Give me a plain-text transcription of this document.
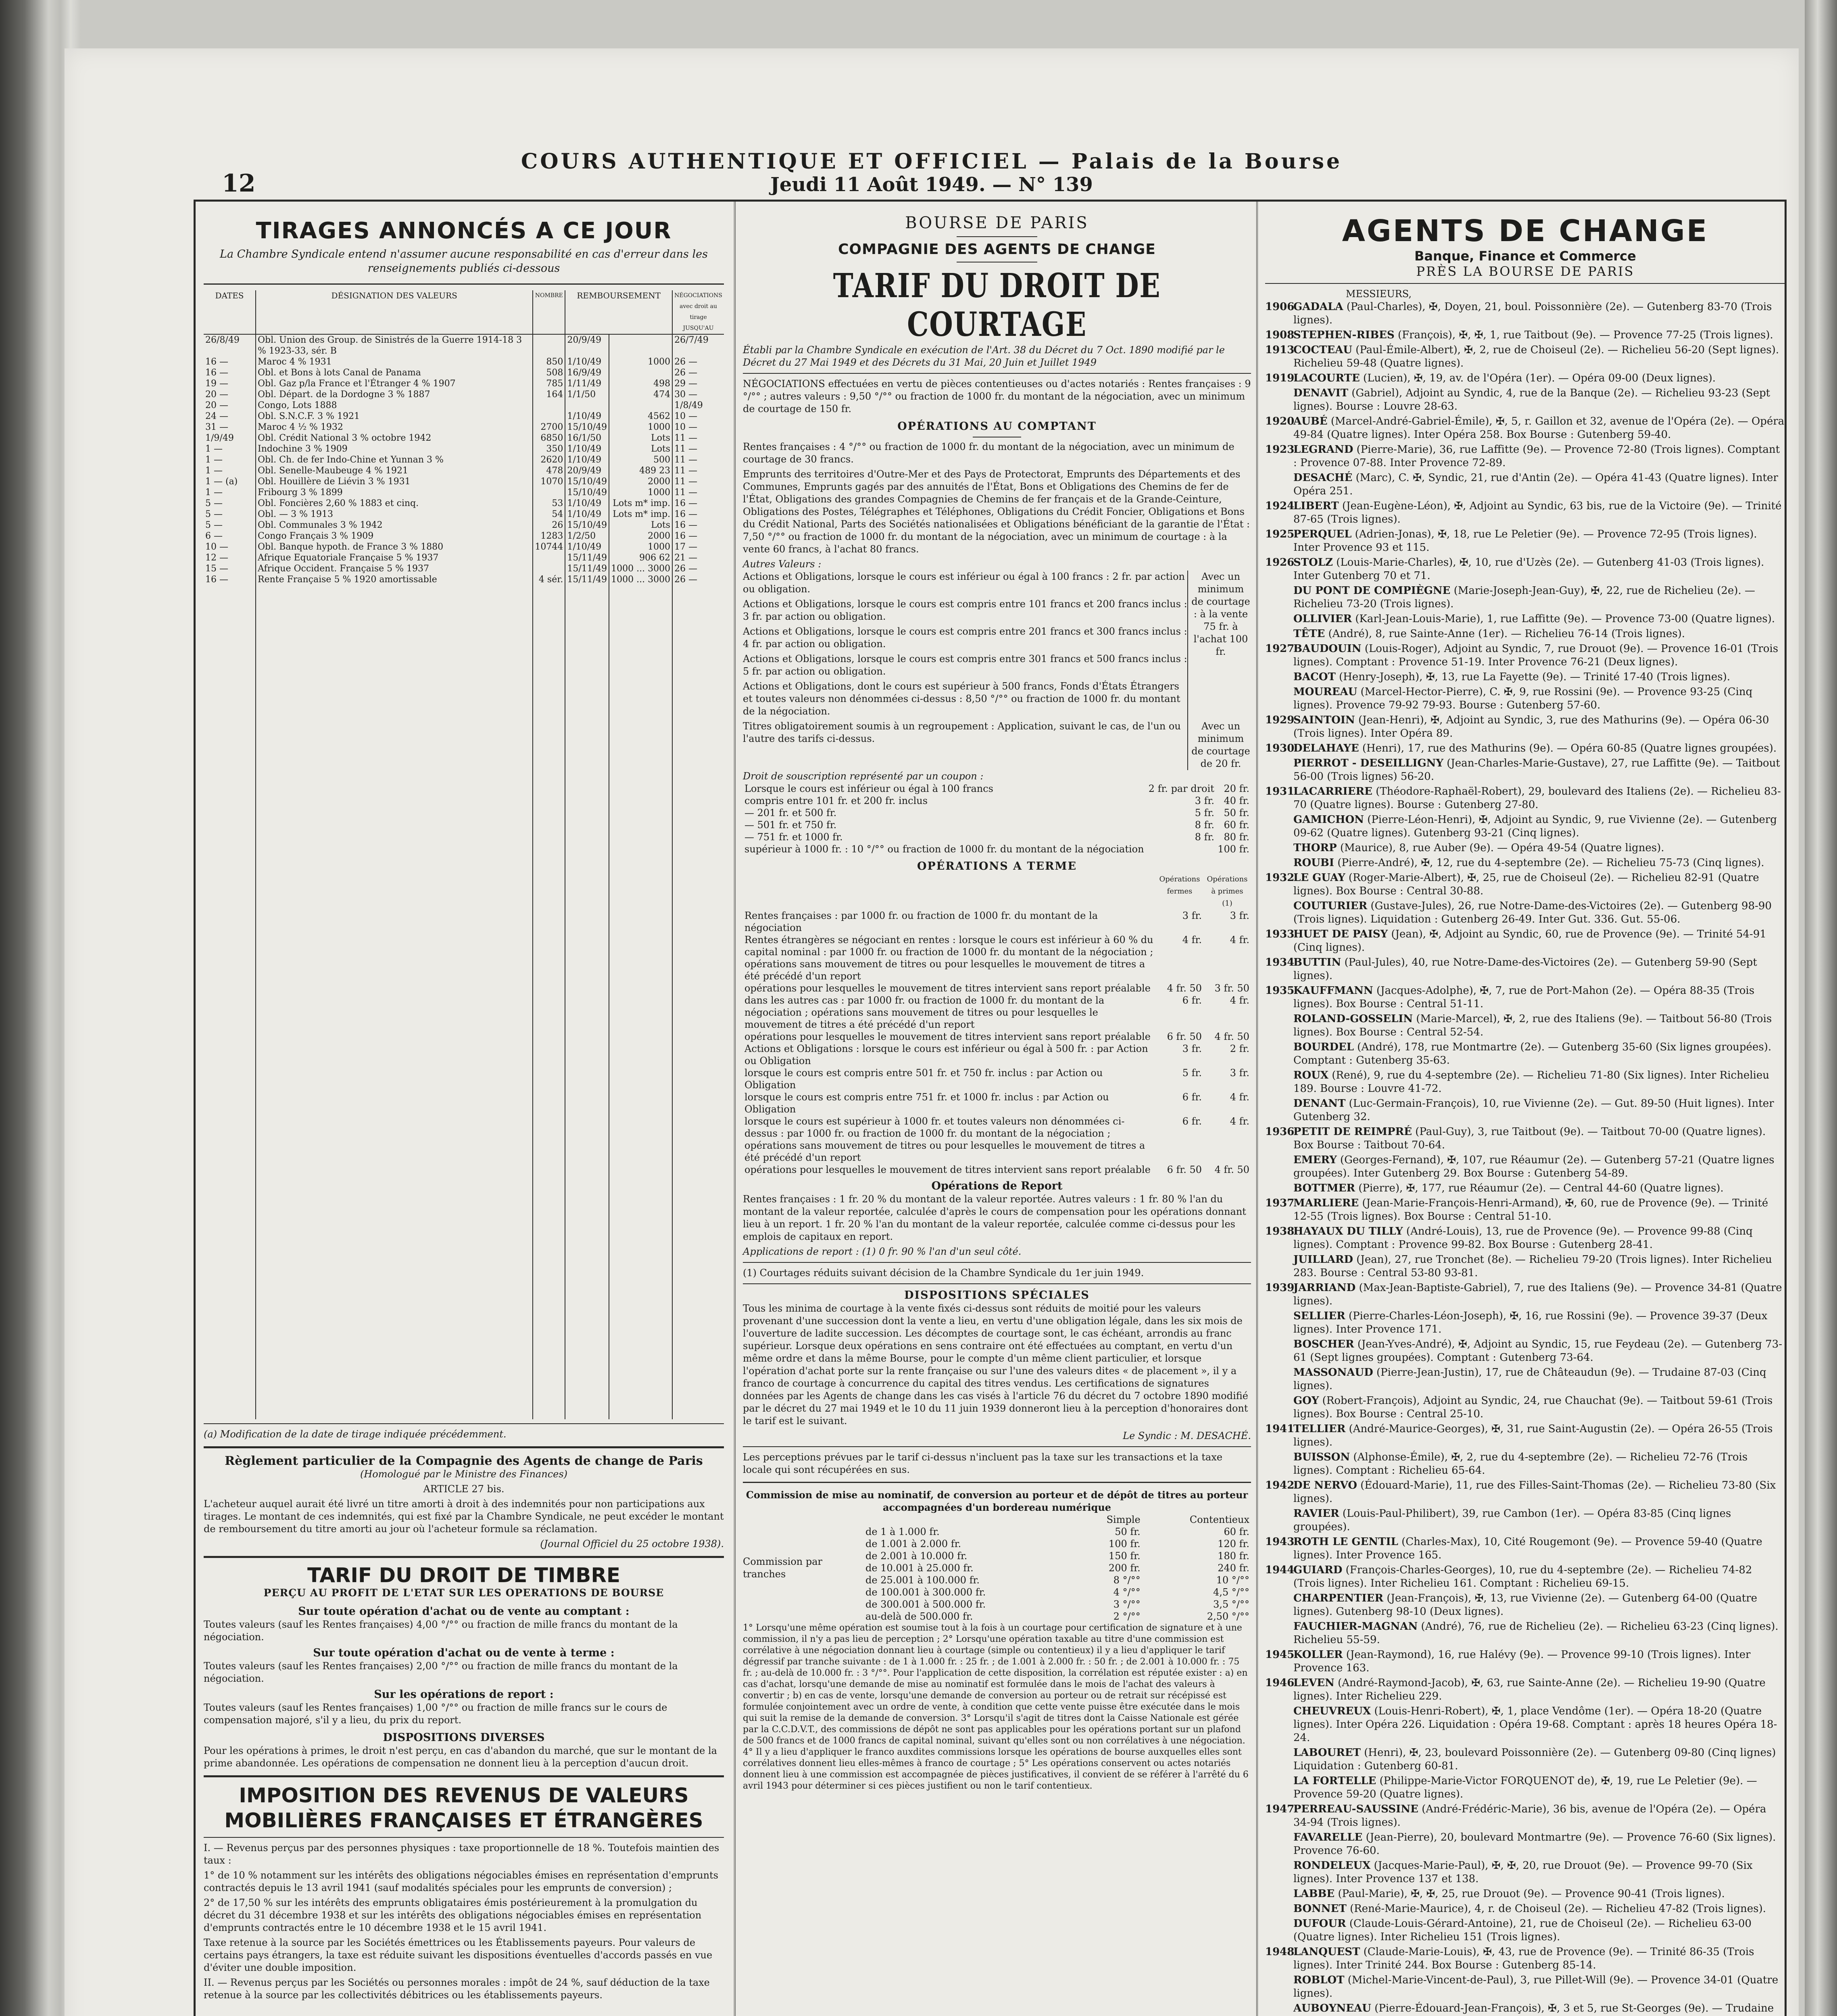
COURS AUTHENTIQUE ET OFFICIEL — Palais de la Bourse
Jeudi 11 Août 1949. — N° 139
12
TIRAGES ANNONCÉS A CE JOUR
La Chambre Syndicale entend n'assumer aucune responsabilité en cas d'erreur dans les renseignements publiés ci-dessous
DATES	DÉSIGNATION DES VALEURS	NOMBRE	REMBOURSEMENT		NÉGOCIATIONS avec droit au tirage JUSQU'AU
26/8/49	Obl. Union des Group. de Sinistrés de la Guerre 1914-18 3 % 1923-33, sér. B		20/9/49		26/7/49
16 —	Maroc 4 % 1931	850	1/10/49	1000	26 —
16 —	Obl. et Bons à lots Canal de Panama	508	16/9/49		26 —
19 —	Obl. Gaz p/la France et l'Étranger 4 % 1907	785	1/11/49	498	29 —
20 —	Obl. Départ. de la Dordogne 3 % 1887	164	1/1/50	474	30 —
20 —	Congo, Lots 1888				1/8/49
24 —	Obl. S.N.C.F. 3 % 1921		1/10/49	4562	10 —
31 —	Maroc 4 ½ % 1932	2700	15/10/49	1000	10 —
1/9/49	Obl. Crédit National 3 % octobre 1942	6850	16/1/50	Lots	11 —
1 —	Indochine 3 % 1909	350	1/10/49	Lots	11 —
1 —	Obl. Ch. de fer Indo-Chine et Yunnan 3 %	2620	1/10/49	500	11 —
1 —	Obl. Senelle-Maubeuge 4 % 1921	478	20/9/49	489 23	11 —
1 — (a)	Obl. Houillère de Liévin 3 % 1931	1070	15/10/49	2000	11 —
1 —	Fribourg 3 % 1899		15/10/49	1000	11 —
5 —	Obl. Foncières 2,60 % 1883 et cinq.	53	1/10/49	Lots m* imp.	16 —
5 —	Obl. — 3 % 1913	54	1/10/49	Lots m* imp.	16 —
5 —	Obl. Communales 3 % 1942	26	15/10/49	Lots	16 —
6 —	Congo Français 3 % 1909	1283	1/2/50	2000	16 —
10 —	Obl. Banque hypoth. de France 3 % 1880	10744	1/10/49	1000	17 —
12 —	Afrique Equatoriale Française 5 % 1937		15/11/49	906 62	21 —
15 —	Afrique Occident. Française 5 % 1937		15/11/49	1000 ... 3000	26 —
16 —	Rente Française 5 % 1920 amortissable	4 sér.	15/11/49	1000 ... 3000	26 —

(a) Modification de la date de tirage indiquée précédemment.
Règlement particulier de la Compagnie des Agents de change de Paris
(Homologué par le Ministre des Finances)
ARTICLE 27 bis.

L'acheteur auquel aurait été livré un titre amorti à droit à des indemnités pour non participations aux tirages. Le montant de ces indemnités, qui est fixé par la Chambre Syndicale, ne peut excéder le montant de remboursement du titre amorti au jour où l'acheteur formule sa réclamation.

(Journal Officiel du 25 octobre 1938).

TARIF DU DROIT DE TIMBRE
PERÇU AU PROFIT DE L'ETAT SUR LES OPERATIONS DE BOURSE
Sur toute opération d'achat ou de vente au comptant :

Toutes valeurs (sauf les Rentes françaises) 4,00 °/°° ou fraction de mille francs du montant de la négociation.

Sur toute opération d'achat ou de vente à terme :

Toutes valeurs (sauf les Rentes françaises) 2,00 °/°° ou fraction de mille francs du montant de la négociation.

Sur les opérations de report :

Toutes valeurs (sauf les Rentes françaises) 1,00 °/°° ou fraction de mille francs sur le cours de compensation majoré, s'il y a lieu, du prix du report.

DISPOSITIONS DIVERSES

Pour les opérations à primes, le droit n'est perçu, en cas d'abandon du marché, que sur le montant de la prime abandonnée. Les opérations de compensation ne donnent lieu à la perception d'aucun droit.

IMPOSITION DES REVENUS DE VALEURS MOBILIÈRES FRANÇAISES ET ÉTRANGÈRES

I. — Revenus perçus par des personnes physiques : taxe proportionnelle de 18 %. Toutefois maintien des taux :

1° de 10 % notamment sur les intérêts des obligations négociables émises en représentation d'emprunts contractés depuis le 13 avril 1941 (sauf modalités spéciales pour les emprunts de conversion) ;

2° de 17,50 % sur les intérêts des emprunts obligataires émis postérieurement à la promulgation du décret du 31 décembre 1938 et sur les intérêts des obligations négociables émises en représentation d'emprunts contractés entre le 10 décembre 1938 et le 15 avril 1941.

Taxe retenue à la source par les Sociétés émettrices ou les Établissements payeurs. Pour valeurs de certains pays étrangers, la taxe est réduite suivant les dispositions éventuelles d'accords passés en vue d'éviter une double imposition.

II. — Revenus perçus par les Sociétés ou personnes morales : impôt de 24 %, sauf déduction de la taxe retenue à la source par les collectivités débitrices ou les établissements payeurs.

BOURSE DE PARIS
COMPAGNIE DES AGENTS DE CHANGE
TARIF DU DROIT DE COURTAGE

Établi par la Chambre Syndicale en exécution de l'Art. 38 du Décret du 7 Oct. 1890 modifié par le Décret du 27 Mai 1949 et des Décrets du 31 Mai, 20 Juin et Juillet 1949

NÉGOCIATIONS effectuées en vertu de pièces contentieuses ou d'actes notariés : Rentes françaises : 9 °/°° ; autres valeurs : 9,50 °/°° ou fraction de 1000 fr. du montant de la négociation, avec un minimum de courtage de 150 fr.

OPÉRATIONS AU COMPTANT

Rentes françaises : 4 °/°° ou fraction de 1000 fr. du montant de la négociation, avec un minimum de courtage de 30 francs.

Emprunts des territoires d'Outre-Mer et des Pays de Protectorat, Emprunts des Départements et des Communes, Emprunts gagés par des annuités de l'État, Bons et Obligations des Chemins de fer de l'État, Obligations des grandes Compagnies de Chemins de fer français et de la Grande-Ceinture, Obligations des Postes, Télégraphes et Téléphones, Obligations du Crédit Foncier, Obligations et Bons du Crédit National, Parts des Sociétés nationalisées et Obligations bénéficiant de la garantie de l'État : 7,50 °/°° ou fraction de 1000 fr. du montant de la négociation, avec un minimum de courtage : à la vente 60 francs, à l'achat 80 francs.

Autres Valeurs :

Actions et Obligations, lorsque le cours est inférieur ou égal à 100 francs : 2 fr. par action ou obligation.

Actions et Obligations, lorsque le cours est compris entre 101 francs et 200 francs inclus : 3 fr. par action ou obligation.

Actions et Obligations, lorsque le cours est compris entre 201 francs et 300 francs inclus : 4 fr. par action ou obligation.

Actions et Obligations, lorsque le cours est compris entre 301 francs et 500 francs inclus : 5 fr. par action ou obligation.

Actions et Obligations, dont le cours est supérieur à 500 francs, Fonds d'États Étrangers et toutes valeurs non dénommées ci-dessus : 8,50 °/°° ou fraction de 1000 fr. du montant de la négociation.

Avec un minimum de courtage : à la vente 75 fr. à l'achat 100 fr.

Titres obligatoirement soumis à un regroupement : Application, suivant le cas, de l'un ou l'autre des tarifs ci-dessus.

Avec un minimum de courtage de 20 fr.
Droit de souscription représenté par un coupon :
Lorsque le cours est inférieur ou égal à 100 francs	2 fr. par droit	20 fr.
compris entre 101 fr. et 200 fr. inclus	3 fr.	40 fr.
— 201 fr. et 500 fr.	5 fr.	50 fr.
— 501 fr. et 750 fr.	8 fr.	60 fr.
— 751 fr. et 1000 fr.	8 fr.	80 fr.
supérieur à 1000 fr. : 10 °/°° ou fraction de 1000 fr. du montant de la négociation		100 fr.
OPÉRATIONS A TERME
	Opérations fermes	Opérations à primes (1)
Rentes françaises : par 1000 fr. ou fraction de 1000 fr. du montant de la négociation	3 fr.	3 fr.
Rentes étrangères se négociant en rentes : lorsque le cours est inférieur à 60 % du capital nominal : par 1000 fr. ou fraction de 1000 fr. du montant de la négociation ; opérations sans mouvement de titres ou pour lesquelles le mouvement de titres a été précédé d'un report	4 fr.	4 fr.
opérations pour lesquelles le mouvement de titres intervient sans report préalable	4 fr. 50	3 fr. 50
dans les autres cas : par 1000 fr. ou fraction de 1000 fr. du montant de la négociation ; opérations sans mouvement de titres ou pour lesquelles le mouvement de titres a été précédé d'un report	6 fr.	4 fr.
opérations pour lesquelles le mouvement de titres intervient sans report préalable	6 fr. 50	4 fr. 50
Actions et Obligations : lorsque le cours est inférieur ou égal à 500 fr. : par Action ou Obligation	3 fr.	2 fr.
lorsque le cours est compris entre 501 fr. et 750 fr. inclus : par Action ou Obligation	5 fr.	3 fr.
lorsque le cours est compris entre 751 fr. et 1000 fr. inclus : par Action ou Obligation	6 fr.	4 fr.
lorsque le cours est supérieur à 1000 fr. et toutes valeurs non dénommées ci-dessus : par 1000 fr. ou fraction de 1000 fr. du montant de la négociation ; opérations sans mouvement de titres ou pour lesquelles le mouvement de titres a été précédé d'un report	6 fr.	4 fr.
opérations pour lesquelles le mouvement de titres intervient sans report préalable	6 fr. 50	4 fr. 50
Opérations de Report

Rentes françaises : 1 fr. 20 % du montant de la valeur reportée. Autres valeurs : 1 fr. 80 % l'an du montant de la valeur reportée, calculée d'après le cours de compensation pour les opérations donnant lieu à un report. 1 fr. 20 % l'an du montant de la valeur reportée, calculée comme ci-dessus pour les emplois de capitaux en report.

Applications de report : (1) 0 fr. 90 % l'an d'un seul côté.

(1) Courtages réduits suivant décision de la Chambre Syndicale du 1er juin 1949.

DISPOSITIONS SPÉCIALES

Tous les minima de courtage à la vente fixés ci-dessus sont réduits de moitié pour les valeurs provenant d'une succession dont la vente a lieu, en vertu d'une obligation légale, dans les six mois de l'ouverture de ladite succession. Les décomptes de courtage sont, le cas échéant, arrondis au franc supérieur. Lorsque deux opérations en sens contraire ont été effectuées au comptant, en vertu d'un même ordre et dans la même Bourse, pour le compte d'un même client particulier, et lorsque l'opération d'achat porte sur la rente française ou sur l'une des valeurs dites « de placement », il y a franco de courtage à concurrence du capital des titres vendus. Les certifications de signatures données par les Agents de change dans les cas visés à l'article 76 du décret du 7 octobre 1890 modifié par le décret du 27 mai 1949 et le 10 du 11 juin 1939 donneront lieu à la perception d'honoraires dont le tarif est le suivant.

Le Syndic : M. DESACHÉ.

Les perceptions prévues par le tarif ci-dessus n'incluent pas la taxe sur les transactions et la taxe locale qui sont récupérées en sus.

Commission de mise au nominatif, de conversion au porteur et de dépôt de titres au porteur accompagnées d'un bordereau numérique
Commission par tranches
	Simple	Contentieux
de 1 à 1.000 fr.	50 fr.	60 fr.
de 1.001 à 2.000 fr.	100 fr.	120 fr.
de 2.001 à 10.000 fr.	150 fr.	180 fr.
de 10.001 à 25.000 fr.	200 fr.	240 fr.
de 25.001 à 100.000 fr.	8 °/°°	10 °/°°
de 100.001 à 300.000 fr.	4 °/°°	4,5 °/°°
de 300.001 à 500.000 fr.	3 °/°°	3,5 °/°°
au-delà de 500.000 fr.	2 °/°°	2,50 °/°°

1° Lorsqu'une même opération est soumise tout à la fois à un courtage pour certification de signature et à une commission, il n'y a pas lieu de perception ; 2° Lorsqu'une opération taxable au titre d'une commission est corrélative à une négociation donnant lieu à courtage (simple ou contentieux) il y a lieu d'appliquer le tarif dégressif par tranche suivante : de 1 à 1.000 fr. : 25 fr. ; de 1.001 à 2.000 fr. : 50 fr. ; de 2.001 à 10.000 fr. : 75 fr. ; au-delà de 10.000 fr. : 3 °/°°. Pour l'application de cette disposition, la corrélation est réputée exister : a) en cas d'achat, lorsqu'une demande de mise au nominatif est formulée dans le mois de l'achat des valeurs à convertir ; b) en cas de vente, lorsqu'une demande de conversion au porteur ou de retrait sur récépissé est formulée conjointement avec un ordre de vente, à condition que cette vente puisse être exécutée dans le mois qui suit la remise de la demande de conversion. 3° Lorsqu'il s'agit de titres dont la Caisse Nationale est gérée par la C.C.D.V.T., des commissions de dépôt ne sont pas applicables pour les opérations portant sur un plafond de 500 francs et de 1000 francs de capital nominal, suivant qu'elles sont ou non corrélatives à une négociation. 4° Il y a lieu d'appliquer le franco auxdites commissions lorsque les opérations de bourse auxquelles elles sont corrélatives donnent lieu elles-mêmes à franco de courtage ; 5° Les opérations conservent ou actes notariés donnent lieu à une commission est accompagnée de pièces justificatives, il convient de se référer à l'arrêté du 6 avril 1943 pour déterminer si ces pièces justifient ou non le tarif contentieux.

AGENTS DE CHANGE
Banque, Finance et Commerce
PRÈS LA BOURSE DE PARIS
MESSIEURS,
1906
GADALA (Paul-Charles), ✠, Doyen, 21, boul. Poissonnière (2e). — Gutenberg 83-70 (Trois lignes).
1908
STEPHEN-RIBES (François), ✠, ✠, 1, rue Taitbout (9e). — Provence 77-25 (Trois lignes).
1913
COCTEAU (Paul-Émile-Albert), ✠, 2, rue de Choiseul (2e). — Richelieu 56-20 (Sept lignes). Richelieu 59-48 (Quatre lignes).
1919
LACOURTE (Lucien), ✠, 19, av. de l'Opéra (1er). — Opéra 09-00 (Deux lignes).
DENAVIT (Gabriel), Adjoint au Syndic, 4, rue de la Banque (2e). — Richelieu 93-23 (Sept lignes). Bourse : Louvre 28-63.
1920
AUBÉ (Marcel-André-Gabriel-Émile), ✠, 5, r. Gaillon et 32, avenue de l'Opéra (2e). — Opéra 49-84 (Quatre lignes). Inter Opéra 258. Box Bourse : Gutenberg 59-40.
1923
LEGRAND (Pierre-Marie), 36, rue Laffitte (9e). — Provence 72-80 (Trois lignes). Comptant : Provence 07-88. Inter Provence 72-89.
DESACHÉ (Marc), C. ✠, Syndic, 21, rue d'Antin (2e). — Opéra 41-43 (Quatre lignes). Inter Opéra 251.
1924
LIBERT (Jean-Eugène-Léon), ✠, Adjoint au Syndic, 63 bis, rue de la Victoire (9e). — Trinité 87-65 (Trois lignes).
1925
PERQUEL (Adrien-Jonas), ✠, 18, rue Le Peletier (9e). — Provence 72-95 (Trois lignes). Inter Provence 93 et 115.
1926
STOLZ (Louis-Marie-Charles), ✠, 10, rue d'Uzès (2e). — Gutenberg 41-03 (Trois lignes). Inter Gutenberg 70 et 71.
DU PONT DE COMPIÈGNE (Marie-Joseph-Jean-Guy), ✠, 22, rue de Richelieu (2e). — Richelieu 73-20 (Trois lignes).
OLLIVIER (Karl-Jean-Louis-Marie), 1, rue Laffitte (9e). — Provence 73-00 (Quatre lignes).
TÊTE (André), 8, rue Sainte-Anne (1er). — Richelieu 76-14 (Trois lignes).
1927
BAUDOUIN (Louis-Roger), Adjoint au Syndic, 7, rue Drouot (9e). — Provence 16-01 (Trois lignes). Comptant : Provence 51-19. Inter Provence 76-21 (Deux lignes).
BACOT (Henry-Joseph), ✠, 13, rue La Fayette (9e). — Trinité 17-40 (Trois lignes).
MOUREAU (Marcel-Hector-Pierre), C. ✠, 9, rue Rossini (9e). — Provence 93-25 (Cinq lignes). Provence 79-92 79-93. Bourse : Gutenberg 57-60.
1929
SAINTOIN (Jean-Henri), ✠, Adjoint au Syndic, 3, rue des Mathurins (9e). — Opéra 06-30 (Trois lignes). Inter Opéra 89.
1930
DELAHAYE (Henri), 17, rue des Mathurins (9e). — Opéra 60-85 (Quatre lignes groupées).
PIERROT - DESEILLIGNY (Jean-Charles-Marie-Gustave), 27, rue Laffitte (9e). — Taitbout 56-00 (Trois lignes) 56-20.
1931
LACARRIERE (Théodore-Raphaël-Robert), 29, boulevard des Italiens (2e). — Richelieu 83-70 (Quatre lignes). Bourse : Gutenberg 27-80.
GAMICHON (Pierre-Léon-Henri), ✠, Adjoint au Syndic, 9, rue Vivienne (2e). — Gutenberg 09-62 (Quatre lignes). Gutenberg 93-21 (Cinq lignes).
THORP (Maurice), 8, rue Auber (9e). — Opéra 49-54 (Quatre lignes).
ROUBI (Pierre-André), ✠, 12, rue du 4-septembre (2e). — Richelieu 75-73 (Cinq lignes).
1932
LE GUAY (Roger-Marie-Albert), ✠, 25, rue de Choiseul (2e). — Richelieu 82-91 (Quatre lignes). Box Bourse : Central 30-88.
COUTURIER (Gustave-Jules), 26, rue Notre-Dame-des-Victoires (2e). — Gutenberg 98-90 (Trois lignes). Liquidation : Gutenberg 26-49. Inter Gut. 336. Gut. 55-06.
1933
HUET DE PAISY (Jean), ✠, Adjoint au Syndic, 60, rue de Provence (9e). — Trinité 54-91 (Cinq lignes).
1934
BUTTIN (Paul-Jules), 40, rue Notre-Dame-des-Victoires (2e). — Gutenberg 59-90 (Sept lignes).
1935
KAUFFMANN (Jacques-Adolphe), ✠, 7, rue de Port-Mahon (2e). — Opéra 88-35 (Trois lignes). Box Bourse : Central 51-11.
ROLAND-GOSSELIN (Marie-Marcel), ✠, 2, rue des Italiens (9e). — Taitbout 56-80 (Trois lignes). Box Bourse : Central 52-54.
BOURDEL (André), 178, rue Montmartre (2e). — Gutenberg 35-60 (Six lignes groupées). Comptant : Gutenberg 35-63.
ROUX (René), 9, rue du 4-septembre (2e). — Richelieu 71-80 (Six lignes). Inter Richelieu 189. Bourse : Louvre 41-72.
DENANT (Luc-Germain-François), 10, rue Vivienne (2e). — Gut. 89-50 (Huit lignes). Inter Gutenberg 32.
1936
PETIT DE REIMPRÉ (Paul-Guy), 3, rue Taitbout (9e). — Taitbout 70-00 (Quatre lignes). Box Bourse : Taitbout 70-64.
EMERY (Georges-Fernand), ✠, 107, rue Réaumur (2e). — Gutenberg 57-21 (Quatre lignes groupées). Inter Gutenberg 29. Box Bourse : Gutenberg 54-89.
BOTTMER (Pierre), ✠, 177, rue Réaumur (2e). — Central 44-60 (Quatre lignes).
1937
MARLIERE (Jean-Marie-François-Henri-Armand), ✠, 60, rue de Provence (9e). — Trinité 12-55 (Trois lignes). Box Bourse : Central 51-10.
1938
HAYAUX DU TILLY (André-Louis), 13, rue de Provence (9e). — Provence 99-88 (Cinq lignes). Comptant : Provence 99-82. Box Bourse : Gutenberg 28-41.
JUILLARD (Jean), 27, rue Tronchet (8e). — Richelieu 79-20 (Trois lignes). Inter Richelieu 283. Bourse : Central 53-80 93-81.
1939
JARRIAND (Max-Jean-Baptiste-Gabriel), 7, rue des Italiens (9e). — Provence 34-81 (Quatre lignes).
SELLIER (Pierre-Charles-Léon-Joseph), ✠, 16, rue Rossini (9e). — Provence 39-37 (Deux lignes). Inter Provence 171.
BOSCHER (Jean-Yves-André), ✠, Adjoint au Syndic, 15, rue Feydeau (2e). — Gutenberg 73-61 (Sept lignes groupées). Comptant : Gutenberg 73-64.
MASSONAUD (Pierre-Jean-Justin), 17, rue de Châteaudun (9e). — Trudaine 87-03 (Cinq lignes).
GOY (Robert-François), Adjoint au Syndic, 24, rue Chauchat (9e). — Taitbout 59-61 (Trois lignes). Box Bourse : Central 25-10.
1941
TELLIER (André-Maurice-Georges), ✠, 31, rue Saint-Augustin (2e). — Opéra 26-55 (Trois lignes).
BUISSON (Alphonse-Émile), ✠, 2, rue du 4-septembre (2e). — Richelieu 72-76 (Trois lignes). Comptant : Richelieu 65-64.
1942
DE NERVO (Édouard-Marie), 11, rue des Filles-Saint-Thomas (2e). — Richelieu 73-80 (Six lignes).
RAVIER (Louis-Paul-Philibert), 39, rue Cambon (1er). — Opéra 83-85 (Cinq lignes groupées).
1943
ROTH LE GENTIL (Charles-Max), 10, Cité Rougemont (9e). — Provence 59-40 (Quatre lignes). Inter Provence 165.
1944
GUIARD (François-Charles-Georges), 10, rue du 4-septembre (2e). — Richelieu 74-82 (Trois lignes). Inter Richelieu 161. Comptant : Richelieu 69-15.
CHARPENTIER (Jean-François), ✠, 13, rue Vivienne (2e). — Gutenberg 64-00 (Quatre lignes). Gutenberg 98-10 (Deux lignes).
FAUCHIER-MAGNAN (André), 76, rue de Richelieu (2e). — Richelieu 63-23 (Cinq lignes). Richelieu 55-59.
1945
KOLLER (Jean-Raymond), 16, rue Halévy (9e). — Provence 99-10 (Trois lignes). Inter Provence 163.
1946
LEVEN (André-Raymond-Jacob), ✠, 63, rue Sainte-Anne (2e). — Richelieu 19-90 (Quatre lignes). Inter Richelieu 229.
CHEUVREUX (Louis-Henri-Robert), ✠, 1, place Vendôme (1er). — Opéra 18-20 (Quatre lignes). Inter Opéra 226. Liquidation : Opéra 19-68. Comptant : après 18 heures Opéra 18-24.
LABOURET (Henri), ✠, 23, boulevard Poissonnière (2e). — Gutenberg 09-80 (Cinq lignes) Liquidation : Gutenberg 60-81.
LA FORTELLE (Philippe-Marie-Victor FORQUENOT de), ✠, 19, rue Le Peletier (9e). — Provence 59-20 (Quatre lignes).
1947
PERREAU-SAUSSINE (André-Frédéric-Marie), 36 bis, avenue de l'Opéra (2e). — Opéra 34-94 (Trois lignes).
FAVARELLE (Jean-Pierre), 20, boulevard Montmartre (9e). — Provence 76-60 (Six lignes). Provence 76-60.
RONDELEUX (Jacques-Marie-Paul), ✠, ✠, 20, rue Drouot (9e). — Provence 99-70 (Six lignes). Inter Provence 137 et 138.
LABBE (Paul-Marie), ✠, ✠, 25, rue Drouot (9e). — Provence 90-41 (Trois lignes).
BONNET (René-Marie-Maurice), 4, r. de Choiseul (2e). — Richelieu 47-82 (Trois lignes).
DUFOUR (Claude-Louis-Gérard-Antoine), 21, rue de Choiseul (2e). — Richelieu 63-00 (Quatre lignes). Inter Richelieu 151 (Trois lignes).
1948
LANQUEST (Claude-Marie-Louis), ✠, 43, rue de Provence (9e). — Trinité 86-35 (Trois lignes). Inter Trinité 244. Box Bourse : Gutenberg 85-14.
ROBLOT (Michel-Marie-Vincent-de-Paul), 3, rue Pillet-Will (9e). — Provence 34-01 (Quatre lignes).
AUBOYNEAU (Pierre-Édouard-Jean-François), ✠, 3 et 5, rue St-Georges (9e). — Trudaine
